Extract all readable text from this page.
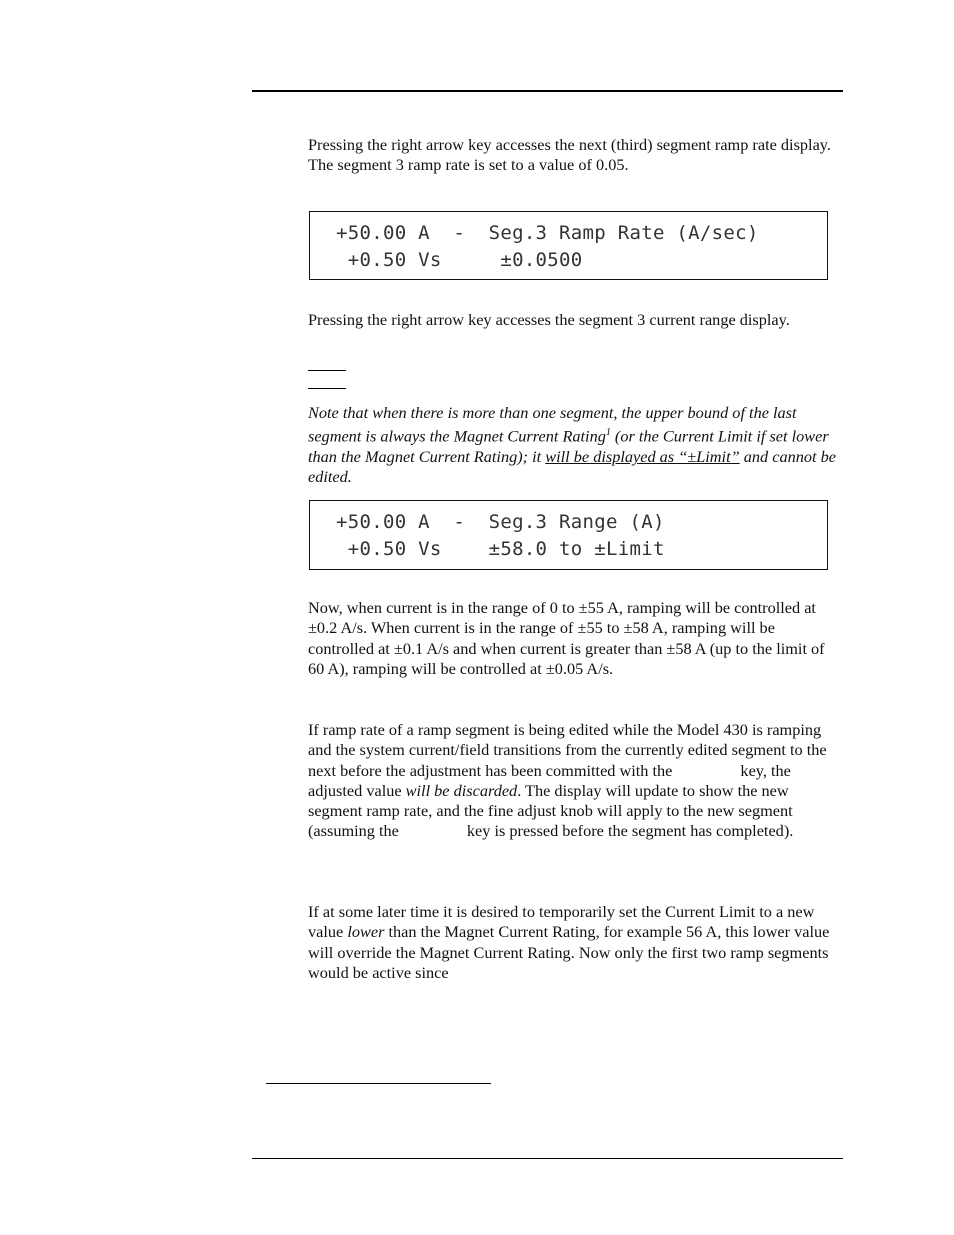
Pressing the right arrow key accesses the next (third) segment ramp rate display. The segment 3 ramp rate is set to a value of 0.05.

+50.00 A  -  Seg.3 Ramp Rate (A/sec)
+0.50 Vs     ±0.0500

Pressing the right arrow key accesses the segment 3 current range display.

Note that when there is more than one segment, the upper bound of the last segment is always the Magnet Current Rating$^1$ (or the Current Limit if set lower than the Magnet Current Rating); it will be displayed as “±Limit” and cannot be edited.

+50.00 A  -  Seg.3 Range (A)
+0.50 Vs    ±58.0 to ±Limit

Now, when current is in the range of 0 to ±55 A, ramping will be controlled at ±0.2 A/s. When current is in the range of ±55 to ±58 A, ramping will be controlled at ±0.1 A/s and when current is greater than ±58 A (up to the limit of 60 A), ramping will be controlled at ±0.05 A/s.

If ramp rate of a ramp segment is being edited while the Model 430 is ramping and the system current/field transitions from the currently edited segment to the next before the adjustment has been committed with the	key, the adjusted value will be discarded. The display will update to show the new segment ramp rate, and the fine adjust knob will apply to the new segment (assuming the	key is pressed before the segment has completed).

If at some later time it is desired to temporarily set the Current Limit to a new value lower than the Magnet Current Rating, for example 56 A, this lower value will override the Magnet Current Rating. Now only the first two ramp segments would be active since
